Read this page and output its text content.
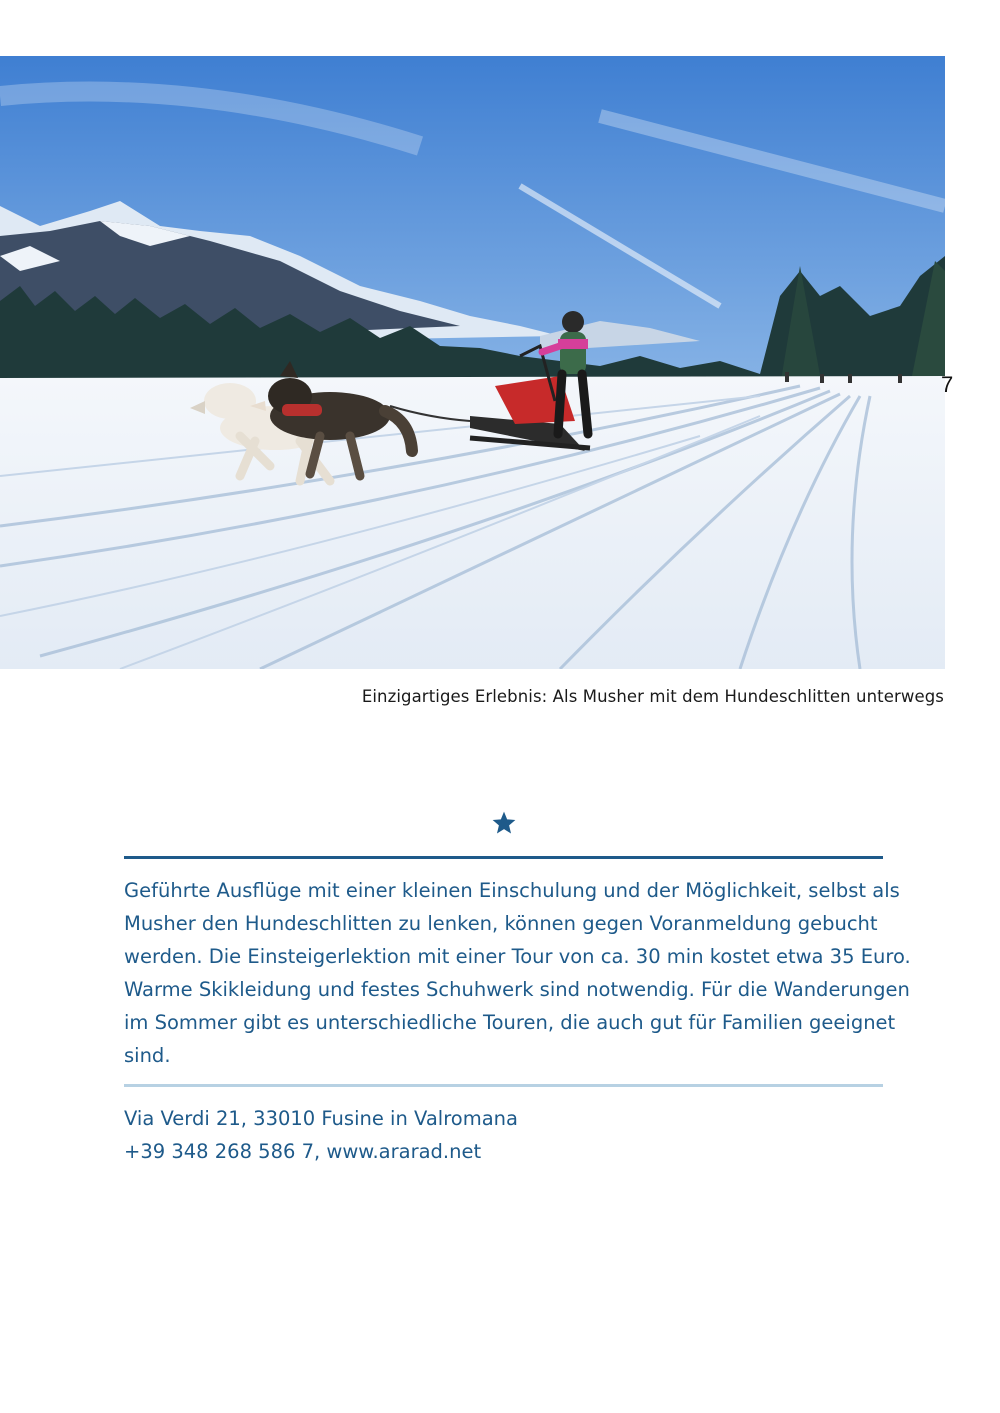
7
Einzigartiges Erlebnis: Als Musher mit dem Hundeschlitten unterwegs
Geführte Ausflüge mit einer kleinen Einschulung und der Möglichkeit, selbst als
Musher den Hundeschlitten zu lenken, können gegen Voranmeldung gebucht
werden. Die Einsteigerlektion mit einer Tour von ca. 30 min kostet etwa 35 Euro.
Warme Skikleidung und festes Schuhwerk sind notwendig. Für die Wanderungen
im Sommer gibt es unterschiedliche Touren, die auch gut für Familien geeignet
sind.
Via Verdi 21, 33010 Fusine in Valromana
+39 348 268 586 7, www.ararad.net
